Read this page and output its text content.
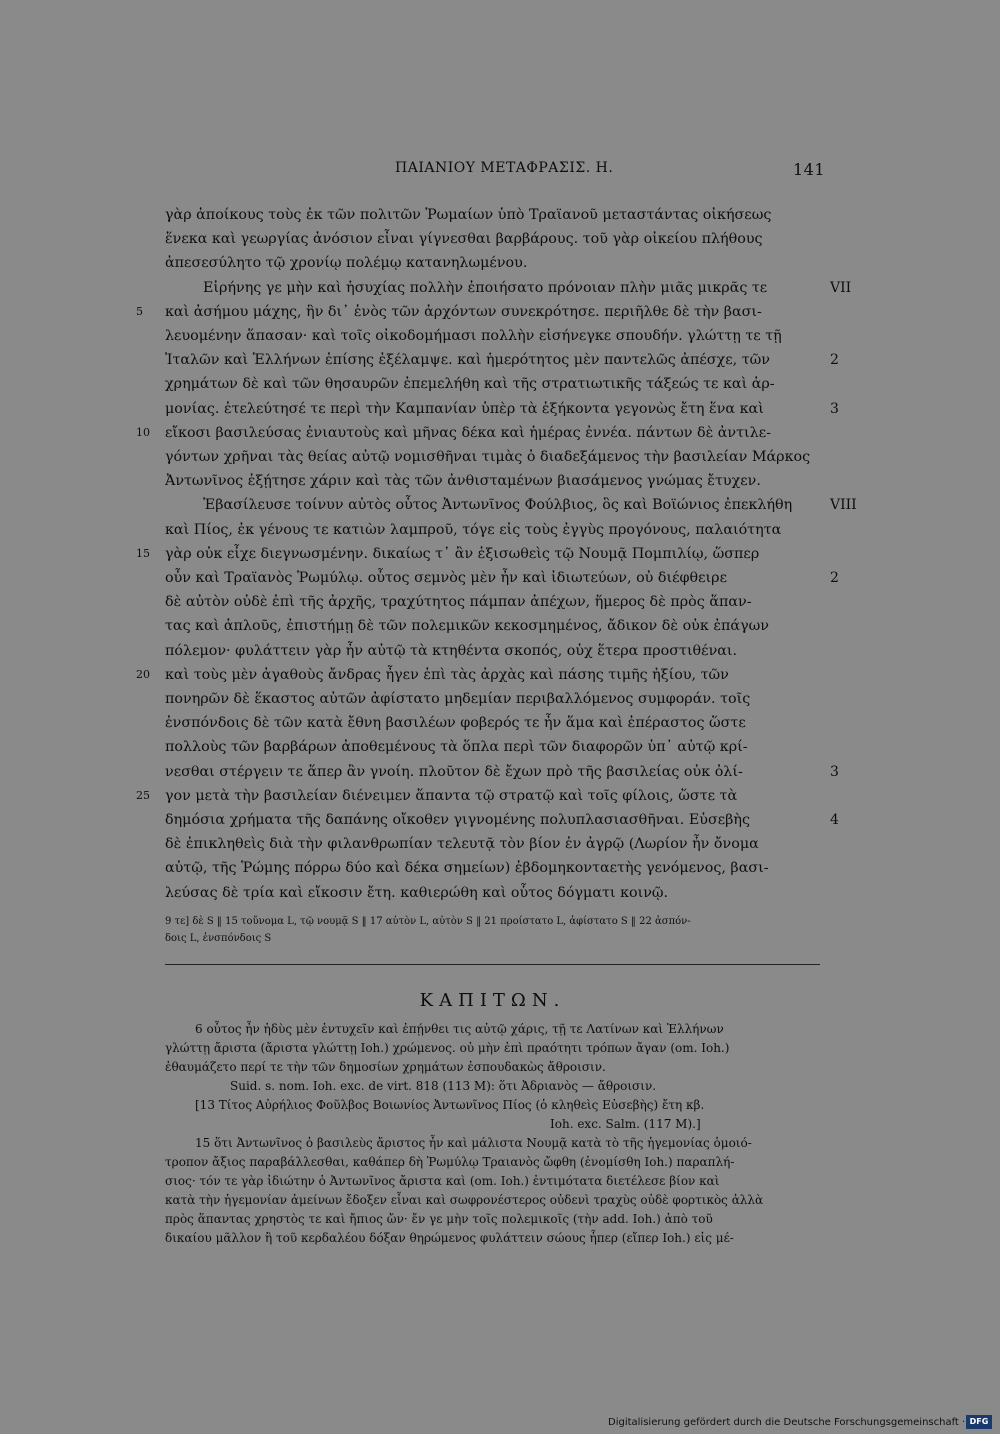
ΠΑΙΑΝΙΟΥ ΜΕΤΑΦΡΑΣΙΣ. Η.	141
γὰρ ἀποίκους τοὺς ἐκ τῶν πολιτῶν Ῥωμαίων ὑπὸ Τραϊανοῦ μεταστάντας οἰκήσεως
ἕνεκα καὶ γεωργίας ἀνόσιον εἶναι γίγνεσθαι βαρβάρους. τοῦ γὰρ οἰκείου πλήθους
ἀπεσεσύλητο τῷ χρονίῳ πολέμῳ κατανηλωμένου.
Εἰρήνης γε μὴν καὶ ἡσυχίας πολλὴν ἐποιήσατο πρόνοιαν πλὴν μιᾶς μικρᾶς τε
καὶ ἀσήμου μάχης, ἣν δι᾽ ἑνὸς τῶν ἀρχόντων συνεκρότησε. περιῆλθε δὲ τὴν βασι-
λευομένην ἅπασαν· καὶ τοῖς οἰκοδομήμασι πολλὴν εἰσήνεγκε σπουδήν. γλώττῃ τε τῇ
Ἰταλῶν καὶ Ἑλλήνων ἐπίσης ἐξέλαμψε. καὶ ἡμερότητος μὲν παντελῶς ἀπέσχε, τῶν
χρημάτων δὲ καὶ τῶν θησαυρῶν ἐπεμελήθη καὶ τῆς στρατιωτικῆς τάξεώς τε καὶ ἁρ-
μονίας. ἐτελεύτησέ τε περὶ τὴν Καμπανίαν ὑπὲρ τὰ ἑξήκοντα γεγονὼς ἔτη ἕνα καὶ
εἴκοσι βασιλεύσας ἐνιαυτοὺς καὶ μῆνας δέκα καὶ ἡμέρας ἐννέα. πάντων δὲ ἀντιλε-
γόντων χρῆναι τὰς θείας αὐτῷ νομισθῆναι τιμὰς ὁ διαδεξάμενος τὴν βασιλείαν Μάρκος
Ἀντωνῖνος ἐξῄτησε χάριν καὶ τὰς τῶν ἀνθισταμένων βιασάμενος γνώμας ἔτυχεν.
Ἐβασίλευσε τοίνυν αὐτὸς οὗτος Ἀντωνῖνος Φούλβιος, ὃς καὶ Βοϊώνιος ἐπεκλήθη
καὶ Πίος, ἐκ γένους τε κατιὼν λαμπροῦ, τόγε εἰς τοὺς ἐγγὺς προγόνους, παλαιότητα
γὰρ οὐκ εἶχε διεγνωσμένην. δικαίως τ᾽ ἂν ἐξισωθεὶς τῷ Νουμᾷ Πομπιλίῳ, ὥσπερ
οὖν καὶ Τραϊανὸς Ῥωμύλῳ. οὗτος σεμνὸς μὲν ἦν καὶ ἰδιωτεύων, οὐ διέφθειρε
δὲ αὐτὸν οὐδὲ ἐπὶ τῆς ἀρχῆς, τραχύτητος πάμπαν ἀπέχων, ἥμερος δὲ πρὸς ἅπαν-
τας καὶ ἁπλοῦς, ἐπιστήμῃ δὲ τῶν πολεμικῶν κεκοσμημένος, ἄδικον δὲ οὐκ ἐπάγων
πόλεμον· φυλάττειν γὰρ ἦν αὐτῷ τὰ κτηθέντα σκοπός, οὐχ ἕτερα προστιθέναι.
καὶ τοὺς μὲν ἀγαθοὺς ἄνδρας ἦγεν ἐπὶ τὰς ἀρχὰς καὶ πάσης τιμῆς ἠξίου, τῶν
πονηρῶν δὲ ἕκαστος αὐτῶν ἀφίστατο μηδεμίαν περιβαλλόμενος συμφοράν. τοῖς
ἐνσπόνδοις δὲ τῶν κατὰ ἔθνη βασιλέων φοβερός τε ἦν ἅμα καὶ ἐπέραστος ὥστε
πολλοὺς τῶν βαρβάρων ἀποθεμένους τὰ ὅπλα περὶ τῶν διαφορῶν ὑπ᾽ αὐτῷ κρί-
νεσθαι στέργειν τε ἅπερ ἂν γνοίη. πλοῦτον δὲ ἔχων πρὸ τῆς βασιλείας οὐκ ὀλί-
γον μετὰ τὴν βασιλείαν διένειμεν ἅπαντα τῷ στρατῷ καὶ τοῖς φίλοις, ὥστε τὰ
δημόσια χρήματα τῆς δαπάνης οἴκοθεν γιγνομένης πολυπλασιασθῆναι. Εὐσεβὴς
δὲ ἐπικληθεὶς διὰ τὴν φιλανθρωπίαν τελευτᾷ τὸν βίον ἐν ἀγρῷ (Λωρίον ἦν ὄνομα
αὐτῷ, τῆς Ῥώμης πόρρω δύο καὶ δέκα σημείων) ἑβδομηκονταετὴς γενόμενος, βασι-
λεύσας δὲ τρία καὶ εἴκοσιν ἔτη. καθιερώθη καὶ οὗτος δόγματι κοινῷ.
5
10
15
20
25
VII
2
3
VIII
2
3
4
9 τε] δὲ S ‖ 15 τοὔνομα L, τῷ νουμᾷ S ‖ 17 αὐτὸν L, αὐτὸν S ‖ 21 προίστατο L, ἀφίστατο S ‖ 22 ἀσπόν-
δοις L, ἐνσπόνδοις S
ΚΑΠΙΤΩΝ.
6 οὗτος ἦν ἡδὺς μὲν ἐντυχεῖν καὶ ἐπῄνθει τις αὐτῷ χάρις, τῇ τε Λατίνων καὶ Ἑλλήνων
γλώττῃ ἄριστα (ἄριστα γλώττῃ Ioh.) χρώμενος. οὐ μὴν ἐπὶ πραότητι τρόπων ἄγαν (om. Ioh.)
ἐθαυμάζετο περί τε τὴν τῶν δημοσίων χρημάτων ἐσπουδακὼς ἄθροισιν.
Suid. s. nom. Ioh. exc. de virt. 818 (113 M): ὅτι Ἀδριανὸς — ἄθροισιν.
[13 Τίτος Αὐρήλιος Φοῦλβος Βοιωνίος Ἀντωνῖνος Πίος (ὁ κληθεὶς Εὐσεβὴς) ἔτη κβ.
Ioh. exc. Salm. (117 M).]
15 ὅτι Ἀντωνῖνος ὁ βασιλεὺς ἄριστος ἦν καὶ μάλιστα Νουμᾷ κατὰ τὸ τῆς ἡγεμονίας ὁμοιό-
τροπον ἄξιος παραβάλλεσθαι, καθάπερ δὴ Ῥωμύλῳ Τραιανὸς ὤφθη (ἐνομίσθη Ioh.) παραπλή-
σιος· τόν τε γὰρ ἰδιώτην ὁ Ἀντωνῖνος ἄριστα καὶ (om. Ioh.) ἐντιμότατα διετέλεσε βίον καὶ
κατὰ τὴν ἡγεμονίαν ἀμείνων ἔδοξεν εἶναι καὶ σωφρονέστερος οὐδενὶ τραχὺς οὐδὲ φορτικὸς ἀλλὰ
πρὸς ἅπαντας χρηστὸς τε καὶ ἤπιος ὤν· ἔν γε μὴν τοῖς πολεμικοῖς (τὴν add. Ioh.) ἀπὸ τοῦ
δικαίου μᾶλλον ἢ τοῦ κερδαλέου δόξαν θηρώμενος φυλάττειν σώους ἦπερ (εἴπερ Ioh.) εἰς μέ-
Digitalisierung gefördert durch die Deutsche Forschungsgemeinschaft · DFG
